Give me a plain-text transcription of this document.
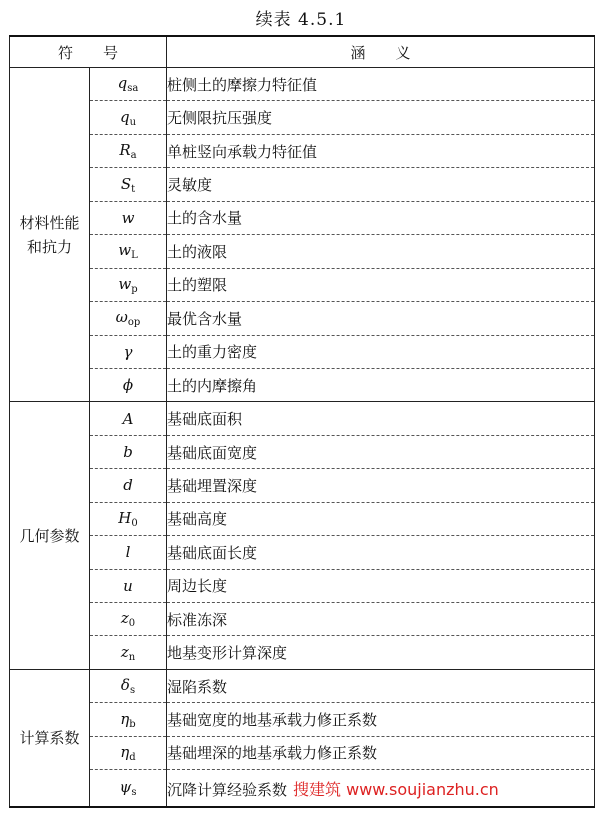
续表 4.5.1
符　　号		涵　　义
材料性能和抗力	$q_{sa}$	桩侧土的摩擦力特征值
	$q_u$	无侧限抗压强度
	$R_a$	单桩竖向承载力特征值
	$S_t$	灵敏度
	w	土的含水量
	$w_L$	土的液限
	$w_p$	土的塑限
	$\omega_{op}$	最优含水量
	γ	土的重力密度
	ϕ	土的内摩擦角
几何参数	A	基础底面积
	b	基础底面宽度
	d	基础埋置深度
	$H_0$	基础高度
	l	基础底面长度
	u	周边长度
	$z_0$	标准冻深
	$z_n$	地基变形计算深度
计算系数	$\delta_s$	湿陷系数
	$\eta_b$	基础宽度的地基承载力修正系数
	$\eta_d$	基础埋深的地基承载力修正系数
	$\psi_s$	沉降计算经验系数 搜建筑 www.soujianzhu.cn
